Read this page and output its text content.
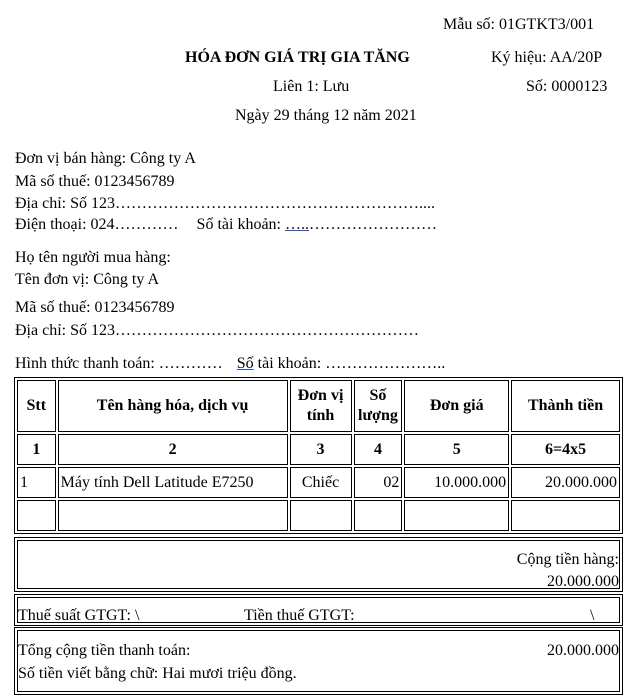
Mẫu số: 01GTKT3/001
HÓA ĐƠN GIÁ TRỊ GIA TĂNG	Ký hiệu: AA/20P
Liên 1: Lưu	Số: 0000123
Ngày 29 tháng 12 năm 2021
Đơn vị bán hàng: Công ty A
Mã số thuế: 0123456789
Địa chỉ: Số 123…………………………………………………....
Điện thoại: 024………… Số tài khoản: …..……………………
Họ tên người mua hàng:
Tên đơn vị: Công ty A
Mã số thuế: 0123456789
Địa chỉ: Số 123…………………………………………………
Hình thức thanh toán: ………… Số tài khoản: …………………..
Stt	Tên hàng hóa, dịch vụ	Đơn vị tính	Số lượng	Đơn giá	Thành tiền
1	2	3	4	5	6=4x5
1	Máy tính Dell Latitude E7250	Chiếc	02	10.000.000	20.000.000

Cộng tiền hàng:
20.000.000
Thuế suất GTGT: \	Tiền thuế GTGT:	\
Tổng cộng tiền thanh toán:	20.000.000
Số tiền viết bằng chữ: Hai mươi triệu đồng.
